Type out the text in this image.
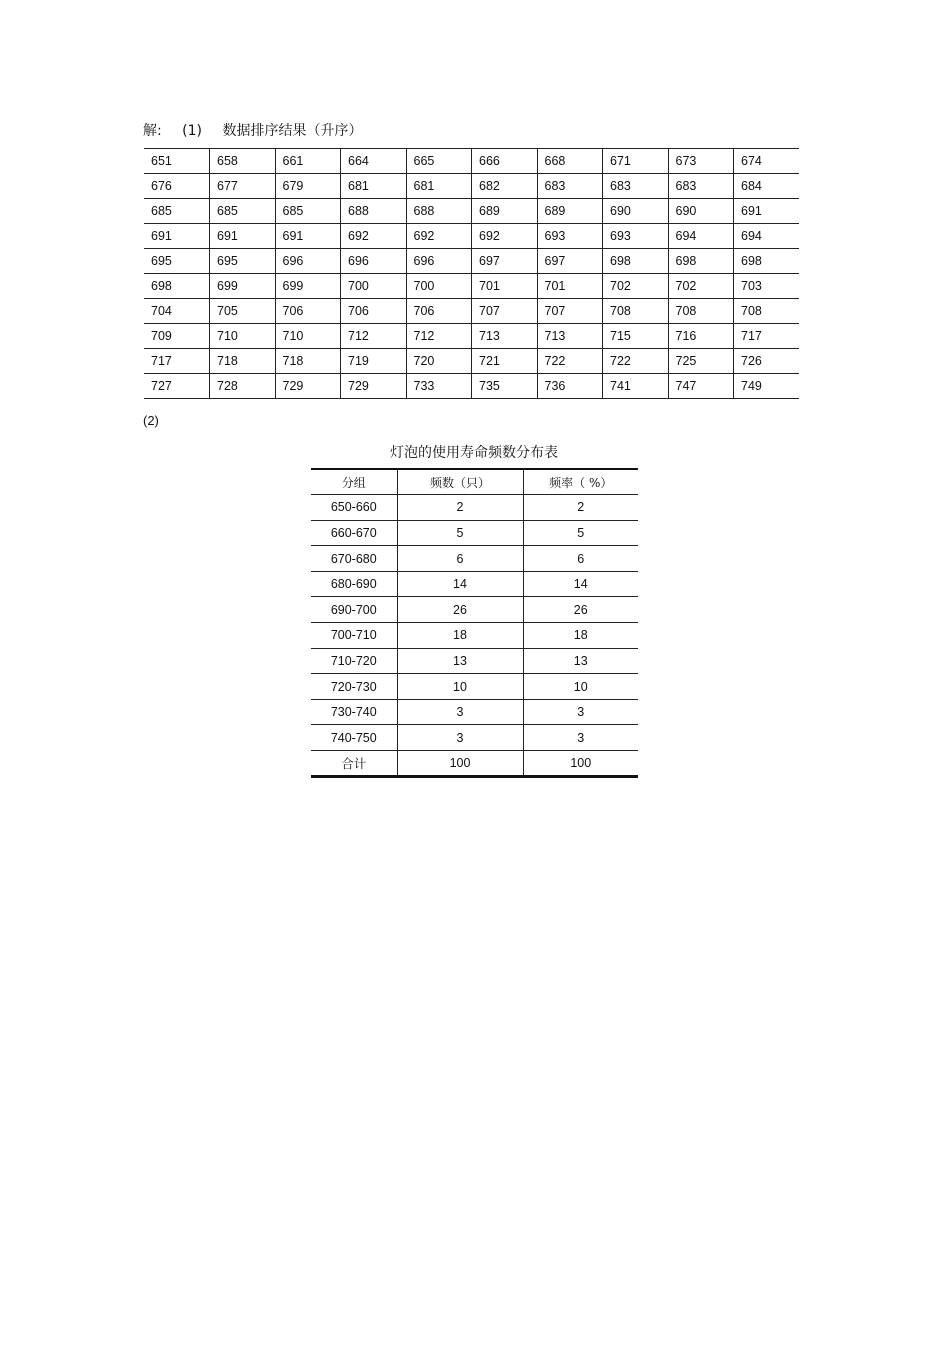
解: (1) 数据排序结果（升序）
651	658	661	664	665	666	668	671	673	674
676	677	679	681	681	682	683	683	683	684
685	685	685	688	688	689	689	690	690	691
691	691	691	692	692	692	693	693	694	694
695	695	696	696	696	697	697	698	698	698
698	699	699	700	700	701	701	702	702	703
704	705	706	706	706	707	707	708	708	708
709	710	710	712	712	713	713	715	716	717
717	718	718	719	720	721	722	722	725	726
727	728	729	729	733	735	736	741	747	749
(2)
灯泡的使用寿命频数分布表
分组	频数（只）	频率（ %）
650-660	2	2
660-670	5	5
670-680	6	6
680-690	14	14
690-700	26	26
700-710	18	18
710-720	13	13
720-730	10	10
730-740	3	3
740-750	3	3
合计	100	100
